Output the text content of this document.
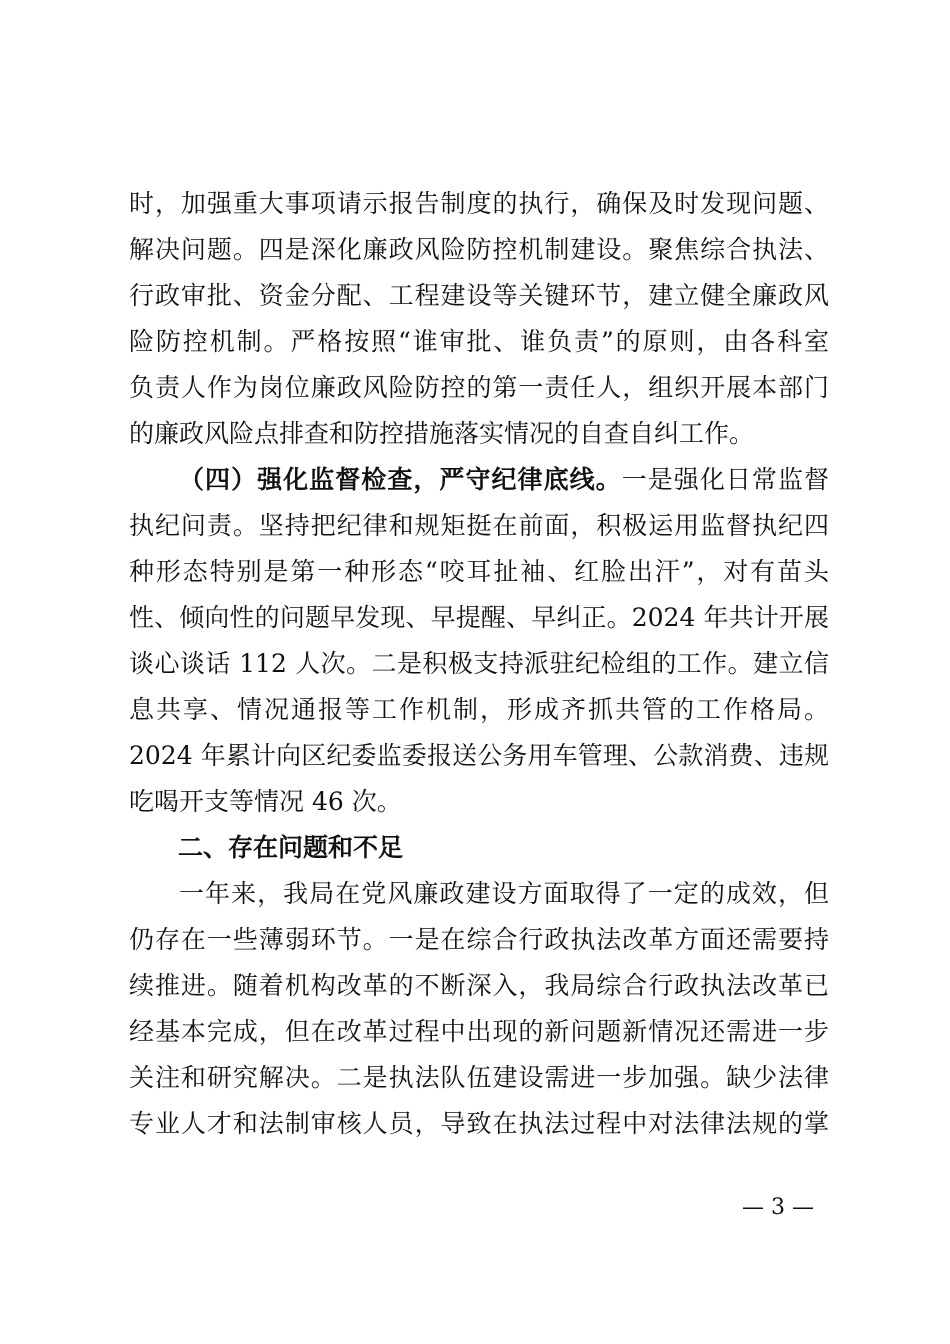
时，加强重大事项请示报告制度的执行，确保及时发现问题、
解决问题。四是深化廉政风险防控机制建设。聚焦综合执法、
行政审批、资金分配、工程建设等关键环节，建立健全廉政风
险防控机制。严格按照“谁审批、谁负责”的原则，由各科室
负责人作为岗位廉政风险防控的第一责任人，组织开展本部门
的廉政风险点排查和防控措施落实情况的自查自纠工作。
（四）强化监督检查，严守纪律底线。一是强化日常监督
执纪问责。坚持把纪律和规矩挺在前面，积极运用监督执纪四
种形态特别是第一种形态“咬耳扯袖、红脸出汗”，对有苗头
性、倾向性的问题早发现、早提醒、早纠正。2024 年共计开展
谈心谈话 112 人次。二是积极支持派驻纪检组的工作。建立信
息共享、情况通报等工作机制，形成齐抓共管的工作格局。
2024 年累计向区纪委监委报送公务用车管理、公款消费、违规
吃喝开支等情况 46 次。
二、存在问题和不足
一年来，我局在党风廉政建设方面取得了一定的成效，但
仍存在一些薄弱环节。一是在综合行政执法改革方面还需要持
续推进。随着机构改革的不断深入，我局综合行政执法改革已
经基本完成，但在改革过程中出现的新问题新情况还需进一步
关注和研究解决。二是执法队伍建设需进一步加强。缺少法律
专业人才和法制审核人员，导致在执法过程中对法律法规的掌
— 3 —
